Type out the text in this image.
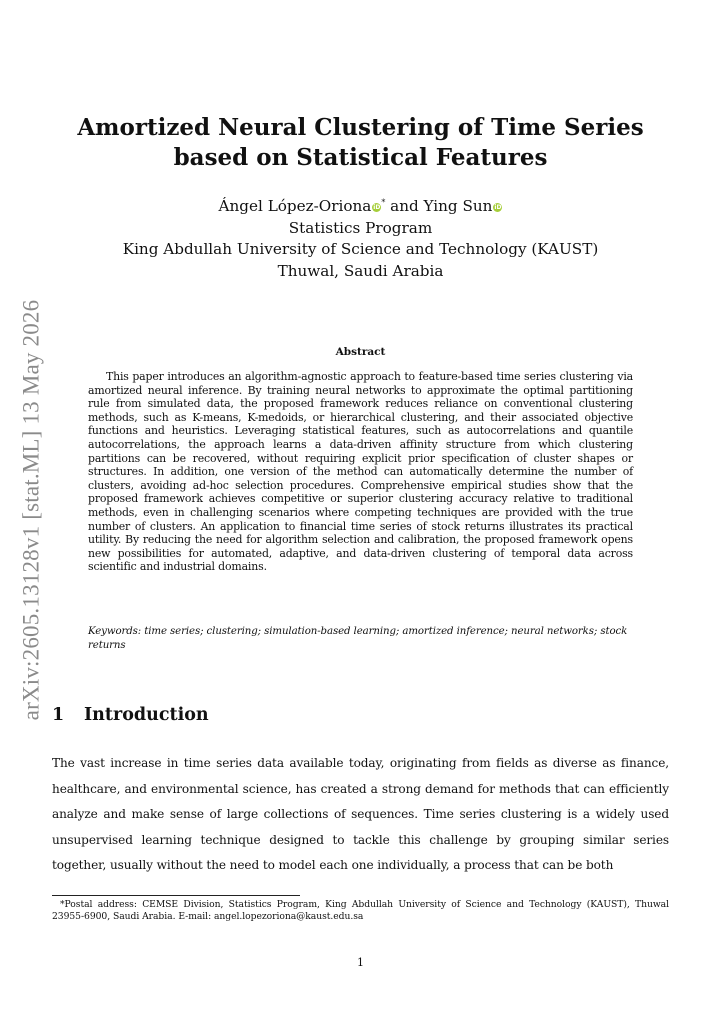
arXiv:2605.13128v1 [stat.ML] 13 May 2026
Amortized Neural Clustering of Time Series based on Statistical Features
Ángel López-Oriona iD* and Ying Sun iD
Statistics Program
King Abdullah University of Science and Technology (KAUST)
Thuwal, Saudi Arabia
Abstract
This paper introduces an algorithm-agnostic approach to feature-based time series clustering via amortized neural inference. By training neural networks to approximate the optimal partitioning rule from simulated data, the proposed framework reduces reliance on conventional clustering methods, such as K-means, K-medoids, or hierarchical clustering, and their associated objective functions and heuristics. Leveraging statistical features, such as autocorrelations and quantile autocorrelations, the approach learns a data-driven affinity structure from which clustering partitions can be recovered, without requiring explicit prior specification of cluster shapes or structures. In addition, one version of the method can automatically determine the number of clusters, avoiding ad-hoc selection procedures. Comprehensive empirical studies show that the proposed framework achieves competitive or superior clustering accuracy relative to traditional methods, even in challenging scenarios where competing techniques are provided with the true number of clusters. An application to financial time series of stock returns illustrates its practical utility. By reducing the need for algorithm selection and calibration, the proposed framework opens new possibilities for automated, adaptive, and data-driven clustering of temporal data across scientific and industrial domains.
Keywords: time series; clustering; simulation-based learning; amortized inference; neural networks; stock returns
1 Introduction
The vast increase in time series data available today, originating from fields as diverse as finance, healthcare, and environmental science, has created a strong demand for methods that can efficiently analyze and make sense of large collections of sequences. Time series clustering is a widely used unsupervised learning technique designed to tackle this challenge by grouping similar series together, usually without the need to model each one individually, a process that can be both
*Postal address: CEMSE Division, Statistics Program, King Abdullah University of Science and Technology (KAUST), Thuwal 23955-6900, Saudi Arabia. E-mail: angel.lopezoriona@kaust.edu.sa
1
